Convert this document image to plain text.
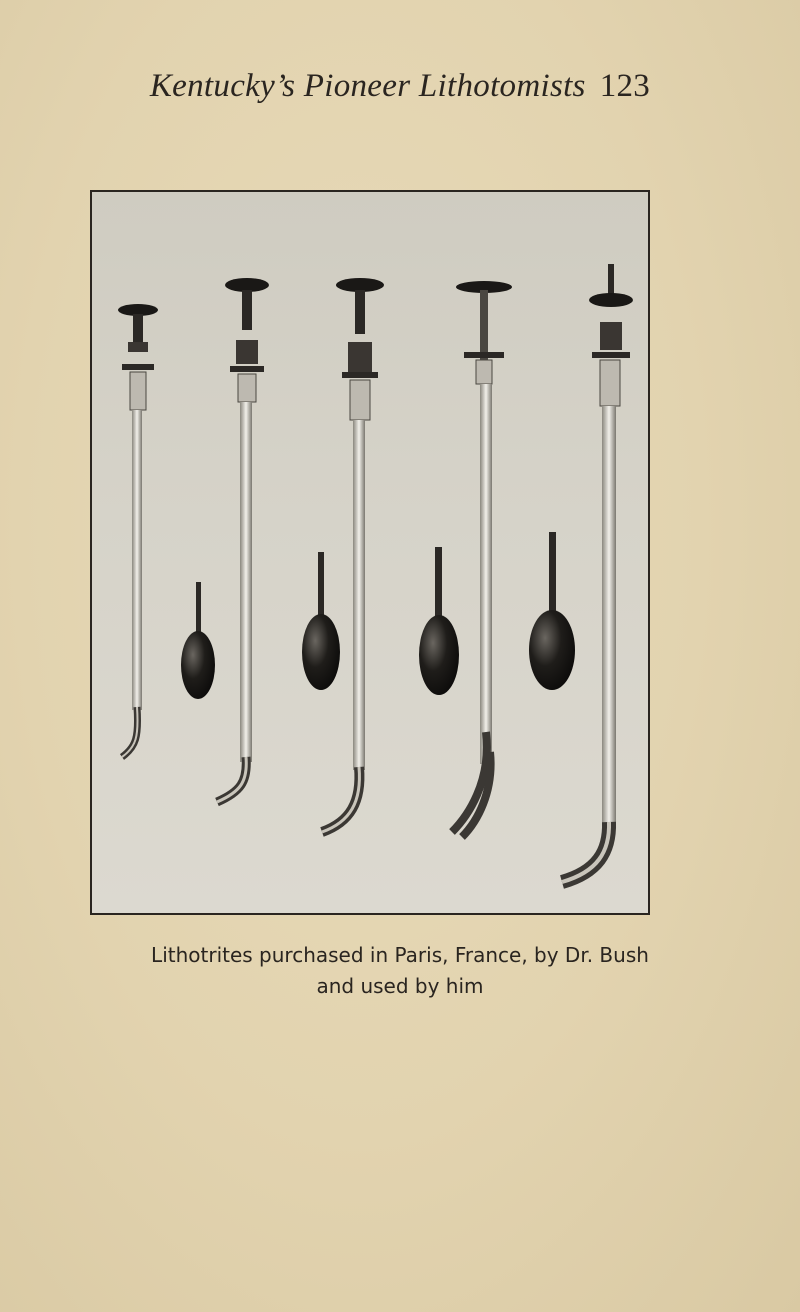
Kentucky’s Pioneer Lithotomists 123
Lithotrites purchased in Paris, France, by Dr. Bush
and used by him
